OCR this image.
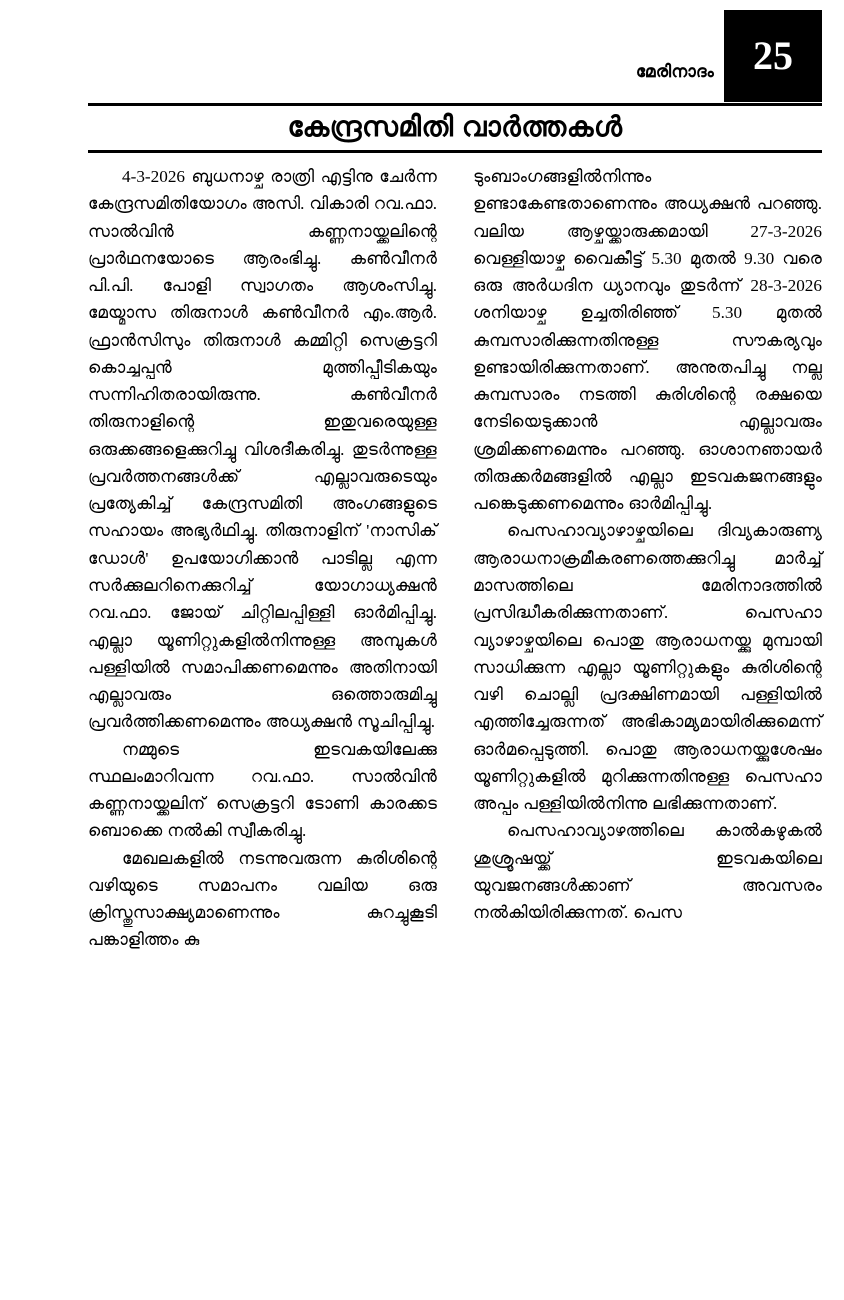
25
മേരിനാദം
കേന്ദ്രസമിതി വാർത്തകൾ

4-3-2026 ബുധനാഴ്ച രാത്രി എട്ടിനു ചേർന്ന കേന്ദ്രസമിതിയോഗം അസി. വികാരി റവ.ഫാ. സാൽവിൻ കണ്ണനായ്ക്കലിന്റെ പ്രാർഥനയോടെ ആരംഭിച്ചു. കൺവീനർ പി.പി. പോളി സ്വാഗതം ആശംസിച്ചു. മേയ്മാസ തിരുനാൾ കൺവീനർ എം.ആർ. ഫ്രാൻസിസും തിരുനാൾ കമ്മിറ്റി സെക്രട്ടറി കൊച്ചപ്പൻ മുത്തിപ്പീടികയും സന്നിഹിതരായിരുന്നു. കൺവീനർ തിരുനാളിന്റെ ഇതുവരെയുള്ള ഒരുക്കങ്ങളെക്കുറിച്ചു വിശദീകരിച്ചു. തുടർന്നുള്ള പ്രവർത്തനങ്ങൾക്ക് എല്ലാവരുടെയും പ്രത്യേകിച്ച് കേന്ദ്രസമിതി അംഗങ്ങളുടെ സഹായം അഭ്യർഥിച്ചു. തിരുനാളിന് 'നാസിക് ഡോൾ' ഉപയോഗിക്കാൻ പാടില്ല എന്ന സർക്കുലറിനെക്കുറിച്ച് യോഗാധ്യക്ഷൻ റവ.ഫാ. ജോയ് ചിറ്റിലപ്പിള്ളി ഓർമിപ്പിച്ചു. എല്ലാ യൂണിറ്റുകളിൽനിന്നുള്ള അമ്പുകൾ പള്ളിയിൽ സമാപിക്കണമെന്നും അതിനായി എല്ലാവരും ഒത്തൊരുമിച്ചു പ്രവർത്തിക്കണമെന്നും അധ്യക്ഷൻ സൂചിപ്പിച്ചു.

നമ്മുടെ ഇടവകയിലേക്കു സ്ഥലംമാറിവന്ന റവ.ഫാ. സാൽവിൻ കണ്ണനായ്ക്കലിന് സെക്രട്ടറി ടോണി കാരക്കട ബൊക്കെ നൽകി സ്വീകരിച്ചു.

മേഖലകളിൽ നടന്നുവരുന്ന കുരിശിന്റെ വഴിയുടെ സമാപനം വലിയ ഒരു ക്രിസ്തുസാക്ഷ്യമാണെന്നും കുറച്ചുകൂടി പങ്കാളിത്തം കു

ടുംബാംഗങ്ങളിൽനിന്നും ഉണ്ടാകേണ്ടതാണെന്നും അധ്യക്ഷൻ പറഞ്ഞു. വലിയ ആഴ്ചയ്ക്കാരുക്കമായി 27-3-2026 വെള്ളിയാഴ്ച വൈകീട്ട് 5.30 മുതൽ 9.30 വരെ ഒരു അർധദിന ധ്യാനവും തുടർന്ന് 28-3-2026 ശനിയാഴ്ച ഉച്ചതിരിഞ്ഞ് 5.30 മുതൽ കുമ്പസാരിക്കുന്നതിനുള്ള സൗകര്യവും ഉണ്ടായിരിക്കുന്നതാണ്. അനുതപിച്ചു നല്ല കുമ്പസാരം നടത്തി കുരിശിന്റെ രക്ഷയെ നേടിയെടുക്കാൻ എല്ലാവരും ശ്രമിക്കണമെന്നും പറഞ്ഞു. ഓശാനഞായർ തിരുക്കർമങ്ങളിൽ എല്ലാ ഇടവകജനങ്ങളും പങ്കെടുക്കണമെന്നും ഓർമിപ്പിച്ചു.

പെസഹാവ്യാഴാഴ്ചയിലെ ദിവ്യകാരുണ്യ ആരാധനാക്രമീകരണത്തെക്കുറിച്ചു മാർച്ച് മാസത്തിലെ മേരിനാദത്തിൽ പ്രസിദ്ധീകരിക്കുന്നതാണ്. പെസഹാ വ്യാഴാഴ്ചയിലെ പൊതു ആരാധനയ്ക്കു മുമ്പായി സാധിക്കുന്ന എല്ലാ യൂണിറ്റുകളും കുരിശിന്റെ വഴി ചൊല്ലി പ്രദക്ഷിണമായി പള്ളിയിൽ എത്തിച്ചേരുന്നത് അഭികാമ്യമായിരിക്കുമെന്ന് ഓർമപ്പെടുത്തി. പൊതു ആരാധനയ്ക്കുശേഷം യൂണിറ്റുകളിൽ മുറിക്കുന്നതിനുള്ള പെസഹാ അപ്പം പള്ളിയിൽനിന്നു ലഭിക്കുന്നതാണ്.

പെസഹാവ്യാഴത്തിലെ കാൽകഴുകൽ ശുശ്രൂഷയ്ക്ക് ഇടവകയിലെ യുവജനങ്ങൾക്കാണ് അവസരം നൽകിയിരിക്കുന്നത്. പെസ
